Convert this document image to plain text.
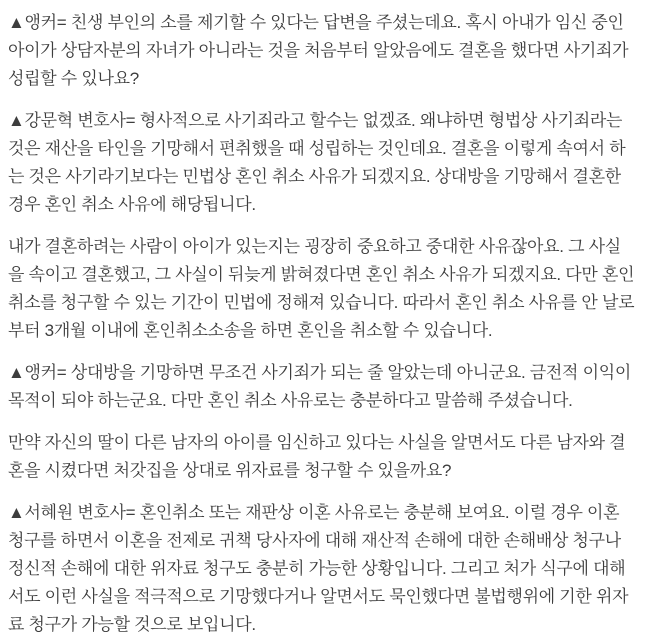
▲앵커= 친생 부인의 소를 제기할 수 있다는 답변을 주셨는데요. 혹시 아내가 임신 중인 아이가 상담자분의 자녀가 아니라는 것을 처음부터 알았음에도 결혼을 했다면 사기죄가 성립할 수 있나요?

▲강문혁 변호사= 형사적으로 사기죄라고 할수는 없겠죠. 왜냐하면 형법상 사기죄라는 것은 재산을 타인을 기망해서 편취했을 때 성립하는 것인데요. 결혼을 이렇게 속여서 하는 것은 사기라기보다는 민법상 혼인 취소 사유가 되겠지요. 상대방을 기망해서 결혼한 경우 혼인 취소 사유에 해당됩니다.

내가 결혼하려는 사람이 아이가 있는지는 굉장히 중요하고 중대한 사유잖아요. 그 사실을 속이고 결혼했고, 그 사실이 뒤늦게 밝혀졌다면 혼인 취소 사유가 되겠지요. 다만 혼인 취소를 청구할 수 있는 기간이 민법에 정해져 있습니다. 따라서 혼인 취소 사유를 안 날로부터 3개월 이내에 혼인취소소송을 하면 혼인을 취소할 수 있습니다.

▲앵커= 상대방을 기망하면 무조건 사기죄가 되는 줄 알았는데 아니군요. 금전적 이익이 목적이 되야 하는군요. 다만 혼인 취소 사유로는 충분하다고 말씀해 주셨습니다.

만약 자신의 딸이 다른 남자의 아이를 임신하고 있다는 사실을 알면서도 다른 남자와 결혼을 시켰다면 처갓집을 상대로 위자료를 청구할 수 있을까요?

▲서혜원 변호사= 혼인취소 또는 재판상 이혼 사유로는 충분해 보여요. 이럴 경우 이혼 청구를 하면서 이혼을 전제로 귀책 당사자에 대해 재산적 손해에 대한 손해배상 청구나 정신적 손해에 대한 위자료 청구도 충분히 가능한 상황입니다. 그리고 처가 식구에 대해서도 이런 사실을 적극적으로 기망했다거나 알면서도 묵인했다면 불법행위에 기한 위자료 청구가 가능할 것으로 보입니다.
